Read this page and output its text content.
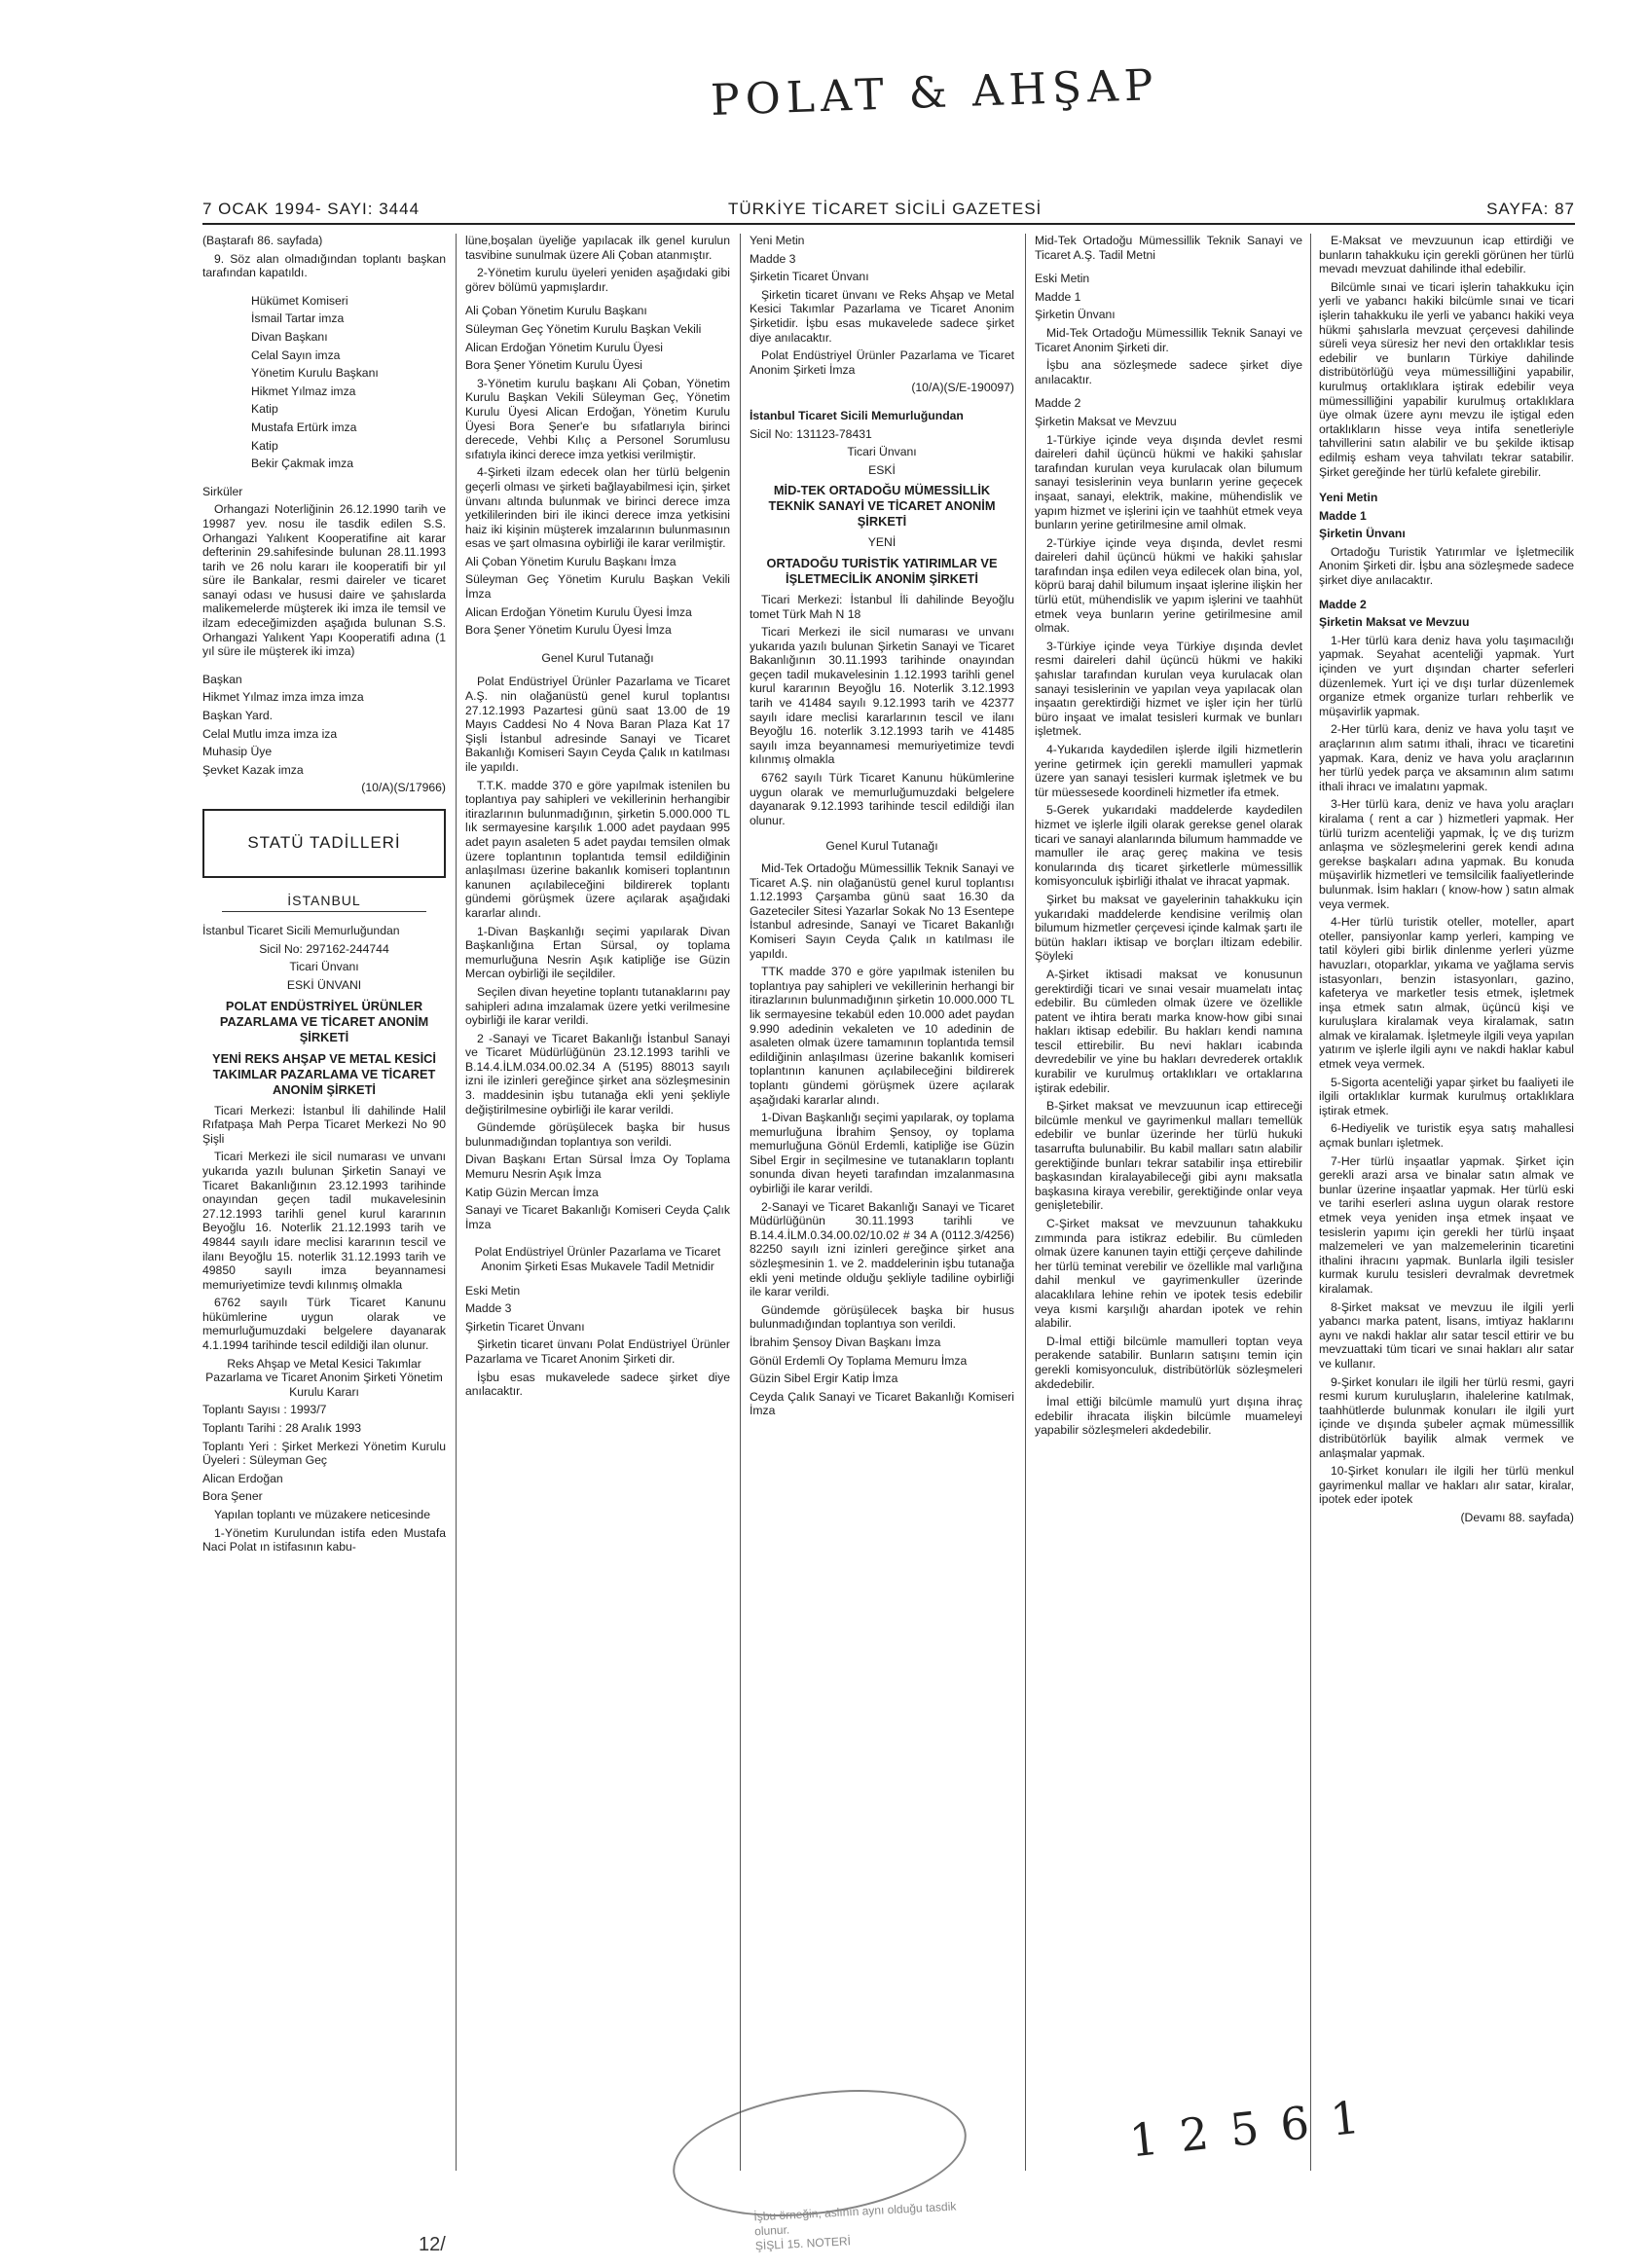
POLAT & AHŞAP
7 OCAK 1994- SAYI: 3444	TÜRKİYE TİCARET SİCİLİ GAZETESİ	SAYFA: 87

(Baştarafı 86. sayfada)

9. Söz alan olmadığından toplantı başkan tarafından kapatıldı.

Hükümet Komiseri

İsmail Tartar imza

Divan Başkanı

Celal Sayın imza

Yönetim Kurulu Başkanı

Hikmet Yılmaz imza

Katip

Mustafa Ertürk imza

Katip

Bekir Çakmak imza

Sirküler

Orhangazi Noterliğinin 26.12.1990 tarih ve 19987 yev. nosu ile tasdik edilen S.S. Orhangazi Yalıkent Kooperatifine ait karar defterinin 29.sahifesinde bulunan 28.11.1993 tarih ve 26 nolu kararı ile kooperatifi bir yıl süre ile Bankalar, resmi daireler ve ticaret sanayi odası ve hususi daire ve şahıslarda malikemelerde müşterek iki imza ile temsil ve ilzam edeceğimizden aşağıda bulunan S.S. Orhangazi Yalıkent Yapı Kooperatifi adına (1 yıl süre ile müşterek iki imza)

Başkan

Hikmet Yılmaz imza imza imza

Başkan Yard.

Celal Mutlu imza imza iza

Muhasip Üye

Şevket Kazak imza

(10/A)(S/17966)

STATÜ TADİLLERİ
İSTANBUL

İstanbul Ticaret Sicili Memurluğundan

Sicil No: 297162-244744

Ticari Ünvanı

ESKİ ÜNVANI

POLAT ENDÜSTRİYEL ÜRÜNLER PAZARLAMA VE TİCARET ANONİM ŞİRKETİ
YENİ REKS AHŞAP VE METAL KESİCİ TAKIMLAR PAZARLAMA VE TİCARET ANONİM ŞİRKETİ

Ticari Merkezi: İstanbul İli dahilinde Halil Rıfatpaşa Mah Perpa Ticaret Merkezi No 90 Şişli

Ticari Merkezi ile sicil numarası ve unvanı yukarıda yazılı bulunan Şirketin Sanayi ve Ticaret Bakanlığının 23.12.1993 tarihinde onayından geçen tadil mukavelesinin 27.12.1993 tarihli genel kurul kararının Beyoğlu 16. Noterlik 21.12.1993 tarih ve 49844 sayılı idare meclisi kararının tescil ve ilanı Beyoğlu 15. noterlik 31.12.1993 tarih ve 49850 sayılı imza beyannamesi memuriyetimize tevdi kılınmış olmakla

6762 sayılı Türk Ticaret Kanunu hükümlerine uygun olarak ve memurluğumuzdaki belgelere dayanarak 4.1.1994 tarihinde tescil edildiği ilan olunur.

Reks Ahşap ve Metal Kesici Takımlar Pazarlama ve Ticaret Anonim Şirketi Yönetim Kurulu Kararı

Toplantı Sayısı : 1993/7

Toplantı Tarihi : 28 Aralık 1993

Toplantı Yeri : Şirket Merkezi Yönetim Kurulu Üyeleri : Süleyman Geç

Alican Erdoğan

Bora Şener

Yapılan toplantı ve müzakere neticesinde

1-Yönetim Kurulundan istifa eden Mustafa Naci Polat ın istifasının kabu-

lüne,boşalan üyeliğe yapılacak ilk genel kurulun tasvibine sunulmak üzere Ali Çoban atanmıştır.

2-Yönetim kurulu üyeleri yeniden aşağıdaki gibi görev bölümü yapmışlardır.

Ali Çoban Yönetim Kurulu Başkanı

Süleyman Geç Yönetim Kurulu Başkan Vekili

Alican Erdoğan Yönetim Kurulu Üyesi

Bora Şener Yönetim Kurulu Üyesi

3-Yönetim kurulu başkanı Ali Çoban, Yönetim Kurulu Başkan Vekili Süleyman Geç, Yönetim Kurulu Üyesi Alican Erdoğan, Yönetim Kurulu Üyesi Bora Şener'e bu sıfatlarıyla birinci derecede, Vehbi Kılıç a Personel Sorumlusu sıfatıyla ikinci derece imza yetkisi verilmiştir.

4-Şirketi ilzam edecek olan her türlü belgenin geçerli olması ve şirketi bağlayabilmesi için, şirket ünvanı altında bulunmak ve birinci derece imza yetkililerinden biri ile ikinci derece imza yetkisini haiz iki kişinin müşterek imzalarının bulunmasının esas ve şart olmasına oybirliği ile karar verilmiştir.

Ali Çoban Yönetim Kurulu Başkanı İmza

Süleyman Geç Yönetim Kurulu Başkan Vekili İmza

Alican Erdoğan Yönetim Kurulu Üyesi İmza

Bora Şener Yönetim Kurulu Üyesi İmza

Genel Kurul Tutanağı

Polat Endüstriyel Ürünler Pazarlama ve Ticaret A.Ş. nin olağanüstü genel kurul toplantısı 27.12.1993 Pazartesi günü saat 13.00 de 19 Mayıs Caddesi No 4 Nova Baran Plaza Kat 17 Şişli İstanbul adresinde Sanayi ve Ticaret Bakanlığı Komiseri Sayın Ceyda Çalık ın katılması ile yapıldı.

T.T.K. madde 370 e göre yapılmak istenilen bu toplantıya pay sahipleri ve vekillerinin herhangibir itirazlarının bulunmadığının, şirketin 5.000.000 TL lık sermayesine karşılık 1.000 adet paydaan 995 adet payın asaleten 5 adet paydaı temsilen olmak üzere toplantının toplantıda temsil edildiğinin anlaşılması üzerine bakanlık komiseri toplantının kanunen açılabileceğini bildirerek toplantı gündemi görüşmek üzere açılarak aşağıdaki kararlar alındı.

1-Divan Başkanlığı seçimi yapılarak Divan Başkanlığına Ertan Sürsal, oy toplama memurluğuna Nesrin Aşık katipliğe ise Güzin Mercan oybirliği ile seçildiler.

Seçilen divan heyetine toplantı tutanaklarını pay sahipleri adına imzalamak üzere yetki verilmesine oybirliği ile karar verildi.

2 -Sanayi ve Ticaret Bakanlığı İstanbul Sanayi ve Ticaret Müdürlüğünün 23.12.1993 tarihli ve B.14.4.İLM.034.00.02.34 A (5195) 88013 sayılı izni ile izinleri gereğince şirket ana sözleşmesinin 3. maddesinin işbu tutanağa ekli yeni şekliyle değiştirilmesine oybirliği ile karar verildi.

Gündemde görüşülecek başka bir husus bulunmadığından toplantıya son verildi.

Divan Başkanı Ertan Sürsal İmza Oy Toplama Memuru Nesrin Aşık İmza

Katip Güzin Mercan İmza

Sanayi ve Ticaret Bakanlığı Komiseri Ceyda Çalık İmza

Polat Endüstriyel Ürünler Pazarlama ve Ticaret Anonim Şirketi Esas Mukavele Tadil Metnidir

Eski Metin

Madde 3

Şirketin Ticaret Ünvanı

Şirketin ticaret ünvanı Polat Endüstriyel Ürünler Pazarlama ve Ticaret Anonim Şirketi dir.

İşbu esas mukavelede sadece şirket diye anılacaktır.

Yeni Metin

Madde 3

Şirketin Ticaret Ünvanı

Şirketin ticaret ünvanı ve Reks Ahşap ve Metal Kesici Takımlar Pazarlama ve Ticaret Anonim Şirketidir. İşbu esas mukavelede sadece şirket diye anılacaktır.

Polat Endüstriyel Ürünler Pazarlama ve Ticaret Anonim Şirketi İmza

(10/A)(S/E-190097)

İstanbul Ticaret Sicili Memurluğundan

Sicil No: 131123-78431

Ticari Ünvanı

ESKİ

MİD-TEK ORTADOĞU MÜMESSİLLİK TEKNİK SANAYİ VE TİCARET ANONİM ŞİRKETİ

YENİ

ORTADOĞU TURİSTİK YATIRIMLAR VE İŞLETMECİLİK ANONİM ŞİRKETİ

Ticari Merkezi: İstanbul İli dahilinde Beyoğlu tomet Türk Mah N 18

Ticari Merkezi ile sicil numarası ve unvanı yukarıda yazılı bulunan Şirketin Sanayi ve Ticaret Bakanlığının 30.11.1993 tarihinde onayından geçen tadil mukavelesinin 1.12.1993 tarihli genel kurul kararının Beyoğlu 16. Noterlik 3.12.1993 tarih ve 41484 sayılı 9.12.1993 tarih ve 42377 sayılı idare meclisi kararlarının tescil ve ilanı Beyoğlu 16. noterlik 3.12.1993 tarih ve 41485 sayılı imza beyannamesi memuriyetimize tevdi kılınmış olmakla

6762 sayılı Türk Ticaret Kanunu hükümlerine uygun olarak ve memurluğumuzdaki belgelere dayanarak 9.12.1993 tarihinde tescil edildiği ilan olunur.

Genel Kurul Tutanağı

Mid-Tek Ortadoğu Mümessillik Teknik Sanayi ve Ticaret A.Ş. nin olağanüstü genel kurul toplantısı 1.12.1993 Çarşamba günü saat 16.30 da Gazeteciler Sitesi Yazarlar Sokak No 13 Esentepe İstanbul adresinde, Sanayi ve Ticaret Bakanlığı Komiseri Sayın Ceyda Çalık ın katılması ile yapıldı.

TTK madde 370 e göre yapılmak istenilen bu toplantıya pay sahipleri ve vekillerinin herhangi bir itirazlarının bulunmadığının şirketin 10.000.000 TL lik sermayesine tekabül eden 10.000 adet paydan 9.990 adedinin vekaleten ve 10 adedinin de asaleten olmak üzere tamamının toplantıda temsil edildiğinin anlaşılması üzerine bakanlık komiseri toplantının kanunen açılabileceğini bildirerek toplantı gündemi görüşmek üzere açılarak aşağıdaki kararlar alındı.

1-Divan Başkanlığı seçimi yapılarak, oy toplama memurluğuna İbrahim Şensoy, oy toplama memurluğuna Gönül Erdemli, katipliğe ise Güzin Sibel Ergir in seçilmesine ve tutanakların toplantı sonunda divan heyeti tarafından imzalanmasına oybirliği ile karar verildi.

2-Sanayi ve Ticaret Bakanlığı Sanayi ve Ticaret Müdürlüğünün 30.11.1993 tarihli ve B.14.4.İLM.0.34.00.02/10.02 # 34 A (0112.3/4256) 82250 sayılı izni izinleri gereğince şirket ana sözleşmesinin 1. ve 2. maddelerinin işbu tutanağa ekli yeni metinde olduğu şekliyle tadiline oybirliği ile karar verildi.

Gündemde görüşülecek başka bir husus bulunmadığından toplantıya son verildi.

İbrahim Şensoy Divan Başkanı İmza

Gönül Erdemli Oy Toplama Memuru İmza

Güzin Sibel Ergir Katip İmza

Ceyda Çalık Sanayi ve Ticaret Bakanlığı Komiseri İmza

Mid-Tek Ortadoğu Mümessillik Teknik Sanayi ve Ticaret A.Ş. Tadil Metni

Eski Metin

Madde 1

Şirketin Ünvanı

Mid-Tek Ortadoğu Mümessillik Teknik Sanayi ve Ticaret Anonim Şirketi dir.

İşbu ana sözleşmede sadece şirket diye anılacaktır.

Madde 2

Şirketin Maksat ve Mevzuu

1-Türkiye içinde veya dışında devlet resmi daireleri dahil üçüncü hükmi ve hakiki şahıslar tarafından kurulan veya kurulacak olan bilumum sanayi tesislerinin veya bunların yerine geçecek inşaat, sanayi, elektrik, makine, mühendislik ve yapım hizmet ve işlerini için ve taahhüt etmek veya bunların yerine getirilmesine amil olmak.

2-Türkiye içinde veya dışında, devlet resmi daireleri dahil üçüncü hükmi ve hakiki şahıslar tarafından inşa edilen veya edilecek olan bina, yol, köprü baraj dahil bilumum inşaat işlerine ilişkin her türlü etüt, mühendislik ve yapım işlerini ve taahhüt etmek veya bunların yerine getirilmesine amil olmak.

3-Türkiye içinde veya Türkiye dışında devlet resmi daireleri dahil üçüncü hükmi ve hakiki şahıslar tarafından kurulan veya kurulacak olan sanayi tesislerinin ve yapılan veya yapılacak olan inşaatın gerektirdiği hizmet ve işler için her türlü büro inşaat ve imalat tesisleri kurmak ve bunları işletmek.

4-Yukarıda kaydedilen işlerde ilgili hizmetlerin yerine getirmek için gerekli mamulleri yapmak üzere yan sanayi tesisleri kurmak işletmek ve bu tür müessesede koordineli hizmetler ifa etmek.

5-Gerek yukarıdaki maddelerde kaydedilen hizmet ve işlerle ilgili olarak gerekse genel olarak ticari ve sanayi alanlarında bilumum hammadde ve mamuller ile araç gereç makina ve tesis konularında dış ticaret şirketlerle mümessillik komisyonculuk işbirliği ithalat ve ihracat yapmak.

Şirket bu maksat ve gayelerinin tahakkuku için yukarıdaki maddelerde kendisine verilmiş olan bilumum hizmetler çerçevesi içinde kalmak şartı ile bütün hakları iktisap ve borçları iltizam edebilir. Şöyleki

A-Şirket iktisadi maksat ve konusunun gerektirdiği ticari ve sınai vesair muamelatı intaç edebilir. Bu cümleden olmak üzere ve özellikle patent ve ihtira beratı marka know-how gibi sınai hakları iktisap edebilir. Bu hakları kendi namına tescil ettirebilir. Bu nevi hakları icabında devredebilir ve yine bu hakları devrederek ortaklık kurabilir ve kurulmuş ortaklıkları ve ortaklarına iştirak edebilir.

B-Şirket maksat ve mevzuunun icap ettireceği bilcümle menkul ve gayrimenkul malları temellük edebilir ve bunlar üzerinde her türlü hukuki tasarrufta bulunabilir. Bu kabil malları satın alabilir gerektiğinde bunları tekrar satabilir inşa ettirebilir başkasından kiralayabileceği gibi aynı maksatla başkasına kiraya verebilir, gerektiğinde onlar veya genişletebilir.

C-Şirket maksat ve mevzuunun tahakkuku zımmında para istikraz edebilir. Bu cümleden olmak üzere kanunen tayin ettiği çerçeve dahilinde her türlü teminat verebilir ve özellikle mal varlığına dahil menkul ve gayrimenkuller üzerinde alacaklılara lehine rehin ve ipotek tesis edebilir veya kısmi karşılığı ahardan ipotek ve rehin alabilir.

D-İmal ettiği bilcümle mamulleri toptan veya perakende satabilir. Bunların satışını temin için gerekli komisyonculuk, distribütörlük sözleşmeleri akdedebilir.

İmal ettiği bilcümle mamulü yurt dışına ihraç edebilir ihracata ilişkin bilcümle muameleyi yapabilir sözleşmeleri akdedebilir.

E-Maksat ve mevzuunun icap ettirdiği ve bunların tahakkuku için gerekli görünen her türlü mevadı mevzuat dahilinde ithal edebilir.

Bilcümle sınai ve ticari işlerin tahakkuku için yerli ve yabancı hakiki bilcümle sınai ve ticari işlerin tahakkuku ile yerli ve yabancı hakiki veya hükmi şahıslarla mevzuat çerçevesi dahilinde süreli veya süresiz her nevi den ortaklıklar tesis edebilir ve bunların Türkiye dahilinde distribütörlüğü veya mümessilliğini yapabilir, kurulmuş ortaklıklara iştirak edebilir veya mümessilliğini yapabilir kurulmuş ortaklıklara üye olmak üzere aynı mevzu ile iştigal eden ortaklıkların hisse veya intifa senetleriyle tahvillerini satın alabilir ve bu şekilde iktisap edilmiş esham veya tahvilatı tekrar satabilir. Şirket gereğinde her türlü kefalete girebilir.

Yeni Metin

Madde 1

Şirketin Ünvanı

Ortadoğu Turistik Yatırımlar ve İşletmecilik Anonim Şirketi dir. İşbu ana sözleşmede sadece şirket diye anılacaktır.

Madde 2

Şirketin Maksat ve Mevzuu

1-Her türlü kara deniz hava yolu taşımacılığı yapmak. Seyahat acenteliği yapmak. Yurt içinden ve yurt dışından charter seferleri düzenlemek. Yurt içi ve dışı turlar düzenlemek organize etmek organize turları rehberlik ve müşavirlik yapmak.

2-Her türlü kara, deniz ve hava yolu taşıt ve araçlarının alım satımı ithali, ihracı ve ticaretini yapmak. Kara, deniz ve hava yolu araçlarının her türlü yedek parça ve aksamının alım satımı ithali ihracı ve imalatını yapmak.

3-Her türlü kara, deniz ve hava yolu araçları kiralama ( rent a car ) hizmetleri yapmak. Her türlü turizm acenteliği yapmak, İç ve dış turizm anlaşma ve sözleşmelerini gerek kendi adına gerekse başkaları adına yapmak. Bu konuda müşavirlik hizmetleri ve temsilcilik faaliyetlerinde bulunmak. İsim hakları ( know-how ) satın almak veya vermek.

4-Her türlü turistik oteller, moteller, apart oteller, pansiyonlar kamp yerleri, kamping ve tatil köyleri gibi birlik dinlenme yerleri yüzme havuzları, otoparklar, yıkama ve yağlama servis istasyonları, benzin istasyonları, gazino, kafeterya ve marketler tesis etmek, işletmek inşa etmek satın almak, üçüncü kişi ve kuruluşlara kiralamak veya kiralamak, satın almak ve kiralamak. İşletmeyle ilgili veya yapılan yatırım ve işlerle ilgili aynı ve nakdi haklar kabul etmek veya vermek.

5-Sigorta acenteliği yapar şirket bu faaliyeti ile ilgili ortaklıklar kurmak kurulmuş ortaklıklara iştirak etmek.

6-Hediyelik ve turistik eşya satış mahallesi açmak bunları işletmek.

7-Her türlü inşaatlar yapmak. Şirket için gerekli arazi arsa ve binalar satın almak ve bunlar üzerine inşaatlar yapmak. Her türlü eski ve tarihi eserleri aslına uygun olarak restore etmek veya yeniden inşa etmek inşaat ve tesislerin yapımı için gerekli her türlü inşaat malzemeleri ve yan malzemelerinin ticaretini ithalini ihracını yapmak. Bunlarla ilgili tesisler kurmak kurulu tesisleri devralmak devretmek kiralamak.

8-Şirket maksat ve mevzuu ile ilgili yerli yabancı marka patent, lisans, imtiyaz haklarını aynı ve nakdi haklar alır satar tescil ettirir ve bu mevzuattaki tüm ticari ve sınai hakları alır satar ve kullanır.

9-Şirket konuları ile ilgili her türlü resmi, gayri resmi kurum kuruluşların, ihalelerine katılmak, taahhütlerde bulunmak konuları ile ilgili yurt içinde ve dışında şubeler açmak mümessillik distribütörlük bayilik almak vermek ve anlaşmalar yapmak.

10-Şirket konuları ile ilgili her türlü menkul gayrimenkul mallar ve hakları alır satar, kiralar, ipotek eder ipotek

(Devamı 88. sayfada)

1 2 5 6 1
İşbu örneğin, aslının aynı olduğu tasdik
olunur.
ŞİŞLİ 15. NOTERİ
12/
